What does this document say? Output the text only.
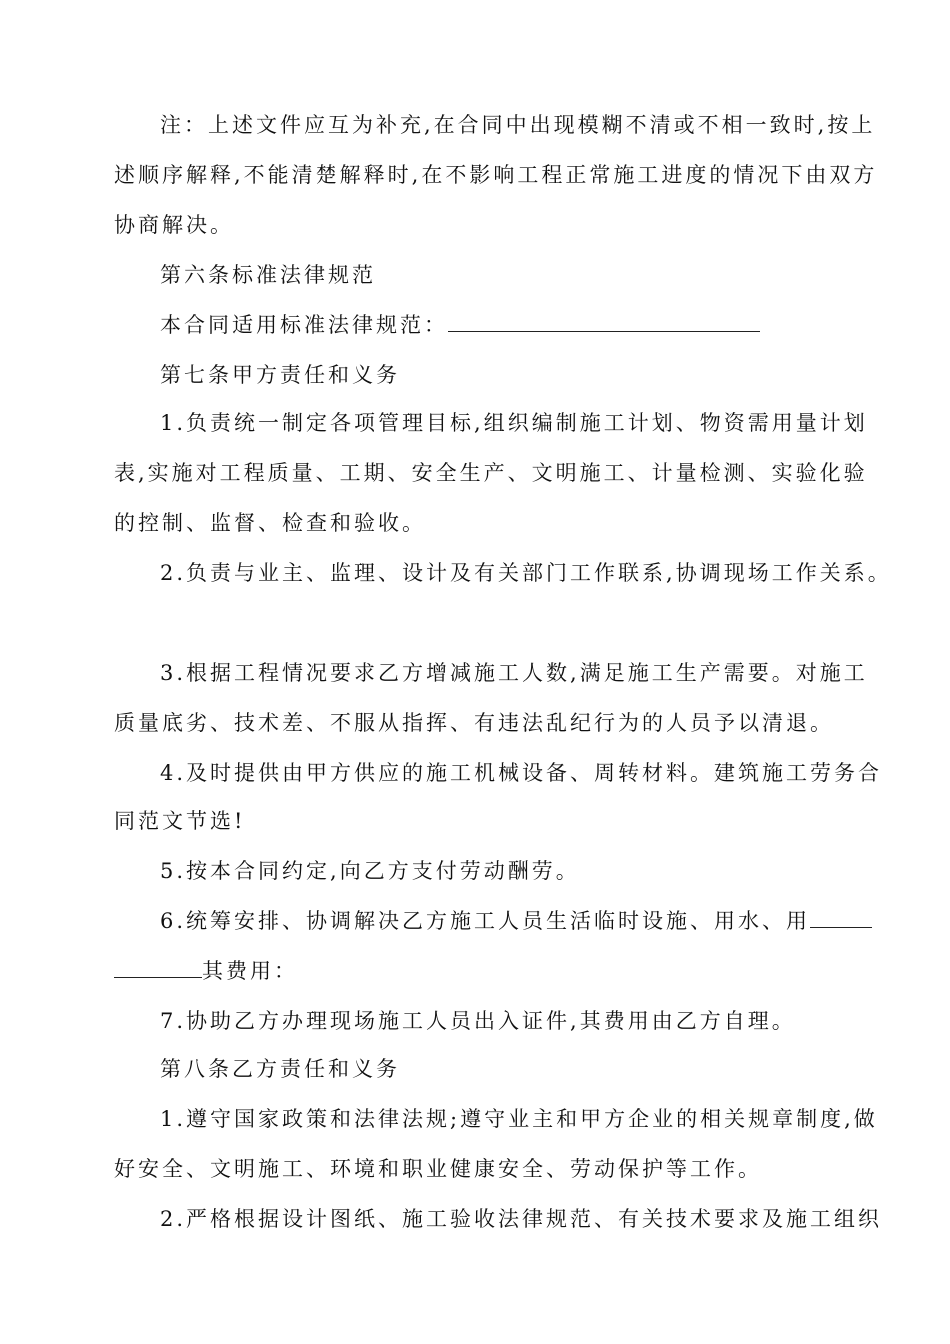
注：上述文件应互为补充,在合同中出现模糊不清或不相一致时,按上
述顺序解释,不能清楚解释时,在不影响工程正常施工进度的情况下由双方
协商解决。
第六条标准法律规范
本合同适用标准法律规范：
第七条甲方责任和义务
1.负责统一制定各项管理目标,组织编制施工计划、物资需用量计划
表,实施对工程质量、工期、安全生产、文明施工、计量检测、实验化验
的控制、监督、检查和验收。
2.负责与业主、监理、设计及有关部门工作联系,协调现场工作关系。
3.根据工程情况要求乙方增减施工人数,满足施工生产需要。对施工
质量底劣、技术差、不服从指挥、有违法乱纪行为的人员予以清退。
4.及时提供由甲方供应的施工机械设备、周转材料。建筑施工劳务合
同范文节选!
5.按本合同约定,向乙方支付劳动酬劳。
6.统筹安排、协调解决乙方施工人员生活临时设施、用水、用
其费用：
7.协助乙方办理现场施工人员出入证件,其费用由乙方自理。
第八条乙方责任和义务
1.遵守国家政策和法律法规;遵守业主和甲方企业的相关规章制度,做
好安全、文明施工、环境和职业健康安全、劳动保护等工作。
2.严格根据设计图纸、施工验收法律规范、有关技术要求及施工组织
